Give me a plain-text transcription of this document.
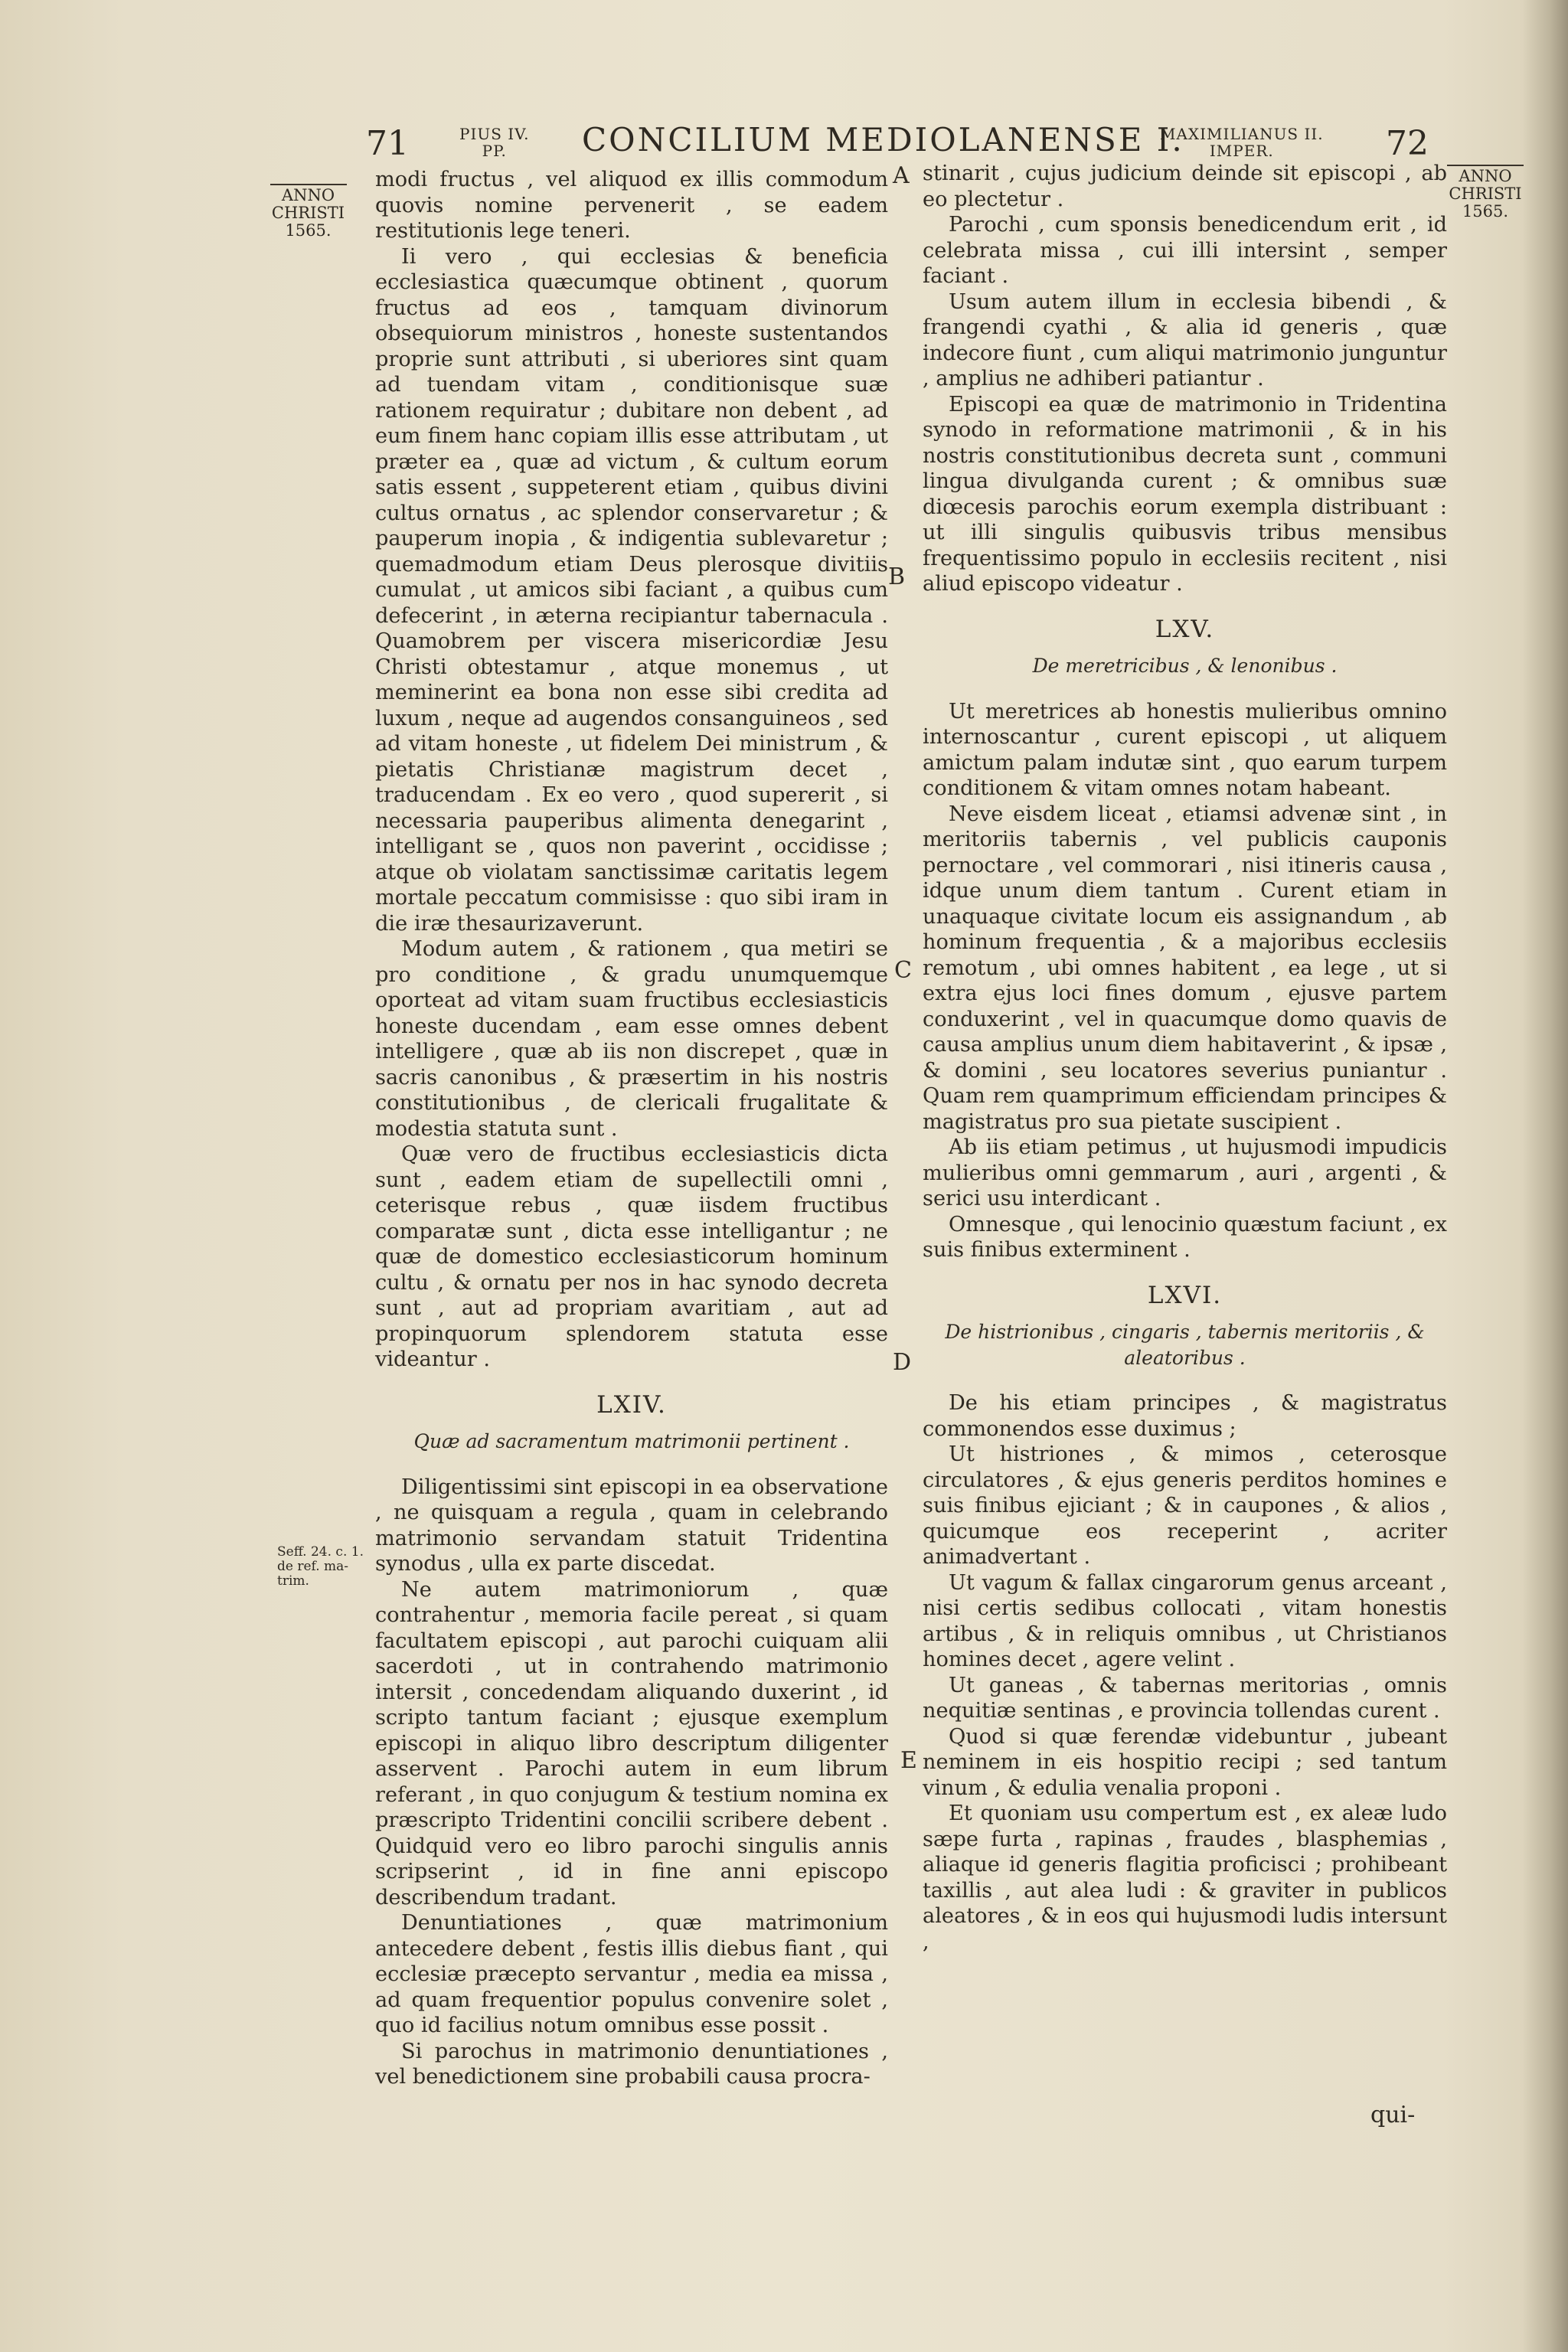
71	PIUS IV.
PP.	CONCILIUM MEDIOLANENSE I.
MAXIMILIANUS II.
IMPER.	72
ANNO
CHRISTI
1565.
Seff. 24. c. 1. de ref. ma- trim.
ANNO
CHRISTI
1565.
A
B
C
D
E

modi fructus , vel aliquod ex illis commodum quovis nomine pervenerit , se eadem restitutionis lege teneri.

Ii vero , qui ecclesias & beneficia ecclesiastica quæcumque obtinent , quorum fructus ad eos , tamquam divinorum obsequiorum ministros , honeste sustentandos proprie sunt attributi , si uberiores sint quam ad tuendam vitam , conditionisque suæ rationem requiratur ; dubitare non debent , ad eum finem hanc copiam illis esse attributam , ut præter ea , quæ ad victum , & cultum eorum satis essent , suppeterent etiam , quibus divini cultus ornatus , ac splendor conservaretur ; & pauperum inopia , & indigentia sublevaretur ; quemadmodum etiam Deus plerosque divitiis cumulat , ut amicos sibi faciant , a quibus cum defecerint , in æterna recipiantur tabernacula . Quamobrem per viscera misericordiæ Jesu Christi obtestamur , atque monemus , ut meminerint ea bona non esse sibi credita ad luxum , neque ad augendos consanguineos , sed ad vitam honeste , ut fidelem Dei ministrum , & pietatis Christianæ magistrum decet , traducendam . Ex eo vero , quod supererit , si necessaria pauperibus alimenta denegarint , intelligant se , quos non paverint , occidisse ; atque ob violatam sanctissimæ caritatis legem mortale peccatum commisisse : quo sibi iram in die iræ thesaurizaverunt.

Modum autem , & rationem , qua metiri se pro conditione , & gradu unumquemque oporteat ad vitam suam fructibus ecclesiasticis honeste ducendam , eam esse omnes debent intelligere , quæ ab iis non discrepet , quæ in sacris canonibus , & præsertim in his nostris constitutionibus , de clericali frugalitate & modestia statuta sunt .

Quæ vero de fructibus ecclesiasticis dicta sunt , eadem etiam de supellectili omni , ceterisque rebus , quæ iisdem fructibus comparatæ sunt , dicta esse intelligantur ; ne quæ de domestico ecclesiasticorum hominum cultu , & ornatu per nos in hac synodo decreta sunt , aut ad propriam avaritiam , aut ad propinquorum splendorem statuta esse videantur .

LXIV.
Quæ ad sacramentum matrimonii pertinent .

Diligentissimi sint episcopi in ea observatione , ne quisquam a regula , quam in celebrando matrimonio servandam statuit Tridentina synodus , ulla ex parte discedat.

Ne autem matrimoniorum , quæ contrahentur , memoria facile pereat , si quam facultatem episcopi , aut parochi cuiquam alii sacerdoti , ut in contrahendo matrimonio intersit , concedendam aliquando duxerint , id scripto tantum faciant ; ejusque exemplum episcopi in aliquo libro descriptum diligenter asservent . Parochi autem in eum librum referant , in quo conjugum & testium nomina ex præscripto Tridentini concilii scribere debent . Quidquid vero eo libro parochi singulis annis scripserint , id in fine anni episcopo describendum tradant.

Denuntiationes , quæ matrimonium antecedere debent , festis illis diebus fiant , qui ecclesiæ præcepto servantur , media ea missa , ad quam frequentior populus convenire solet , quo id facilius notum omnibus esse possit .

Si parochus in matrimonio denuntiationes , vel benedictionem sine probabili causa procra-

stinarit , cujus judicium deinde sit episcopi , ab eo plectetur .

Parochi , cum sponsis benedicendum erit , id celebrata missa , cui illi intersint , semper faciant .

Usum autem illum in ecclesia bibendi , & frangendi cyathi , & alia id generis , quæ indecore fiunt , cum aliqui matrimonio junguntur , amplius ne adhiberi patiantur .

Episcopi ea quæ de matrimonio in Tridentina synodo in reformatione matrimonii , & in his nostris constitutionibus decreta sunt , communi lingua divulganda curent ; & omnibus suæ diœcesis parochis eorum exempla distribuant : ut illi singulis quibusvis tribus mensibus frequentissimo populo in ecclesiis recitent , nisi aliud episcopo videatur .

LXV.
De meretricibus , & lenonibus .

Ut meretrices ab honestis mulieribus omnino internoscantur , curent episcopi , ut aliquem amictum palam indutæ sint , quo earum turpem conditionem & vitam omnes notam habeant.

Neve eisdem liceat , etiamsi advenæ sint , in meritoriis tabernis , vel publicis cauponis pernoctare , vel commorari , nisi itineris causa , idque unum diem tantum . Curent etiam in unaquaque civitate locum eis assignandum , ab hominum frequentia , & a majoribus ecclesiis remotum , ubi omnes habitent , ea lege , ut si extra ejus loci fines domum , ejusve partem conduxerint , vel in quacumque domo quavis de causa amplius unum diem habitaverint , & ipsæ , & domini , seu locatores severius puniantur . Quam rem quamprimum efficiendam principes & magistratus pro sua pietate suscipient .

Ab iis etiam petimus , ut hujusmodi impudicis mulieribus omni gemmarum , auri , argenti , & serici usu interdicant .

Omnesque , qui lenocinio quæstum faciunt , ex suis finibus exterminent .

LXVI.
De histrionibus , cingaris , tabernis meritoriis , & aleatoribus .

De his etiam principes , & magistratus commonendos esse duximus ;

Ut histriones , & mimos , ceterosque circulatores , & ejus generis perditos homines e suis finibus ejiciant ; & in caupones , & alios , quicumque eos receperint , acriter animadvertant .

Ut vagum & fallax cingarorum genus arceant , nisi certis sedibus collocati , vitam honestis artibus , & in reliquis omnibus , ut Christianos homines decet , agere velint .

Ut ganeas , & tabernas meritorias , omnis nequitiæ sentinas , e provincia tollendas curent .

Quod si quæ ferendæ videbuntur , jubeant neminem in eis hospitio recipi ; sed tantum vinum , & edulia venalia proponi .

Et quoniam usu compertum est , ex aleæ ludo sæpe furta , rapinas , fraudes , blasphemias , aliaque id generis flagitia proficisci ; prohibeant taxillis , aut alea ludi : & graviter in publicos aleatores , & in eos qui hujusmodi ludis intersunt ,

qui-
